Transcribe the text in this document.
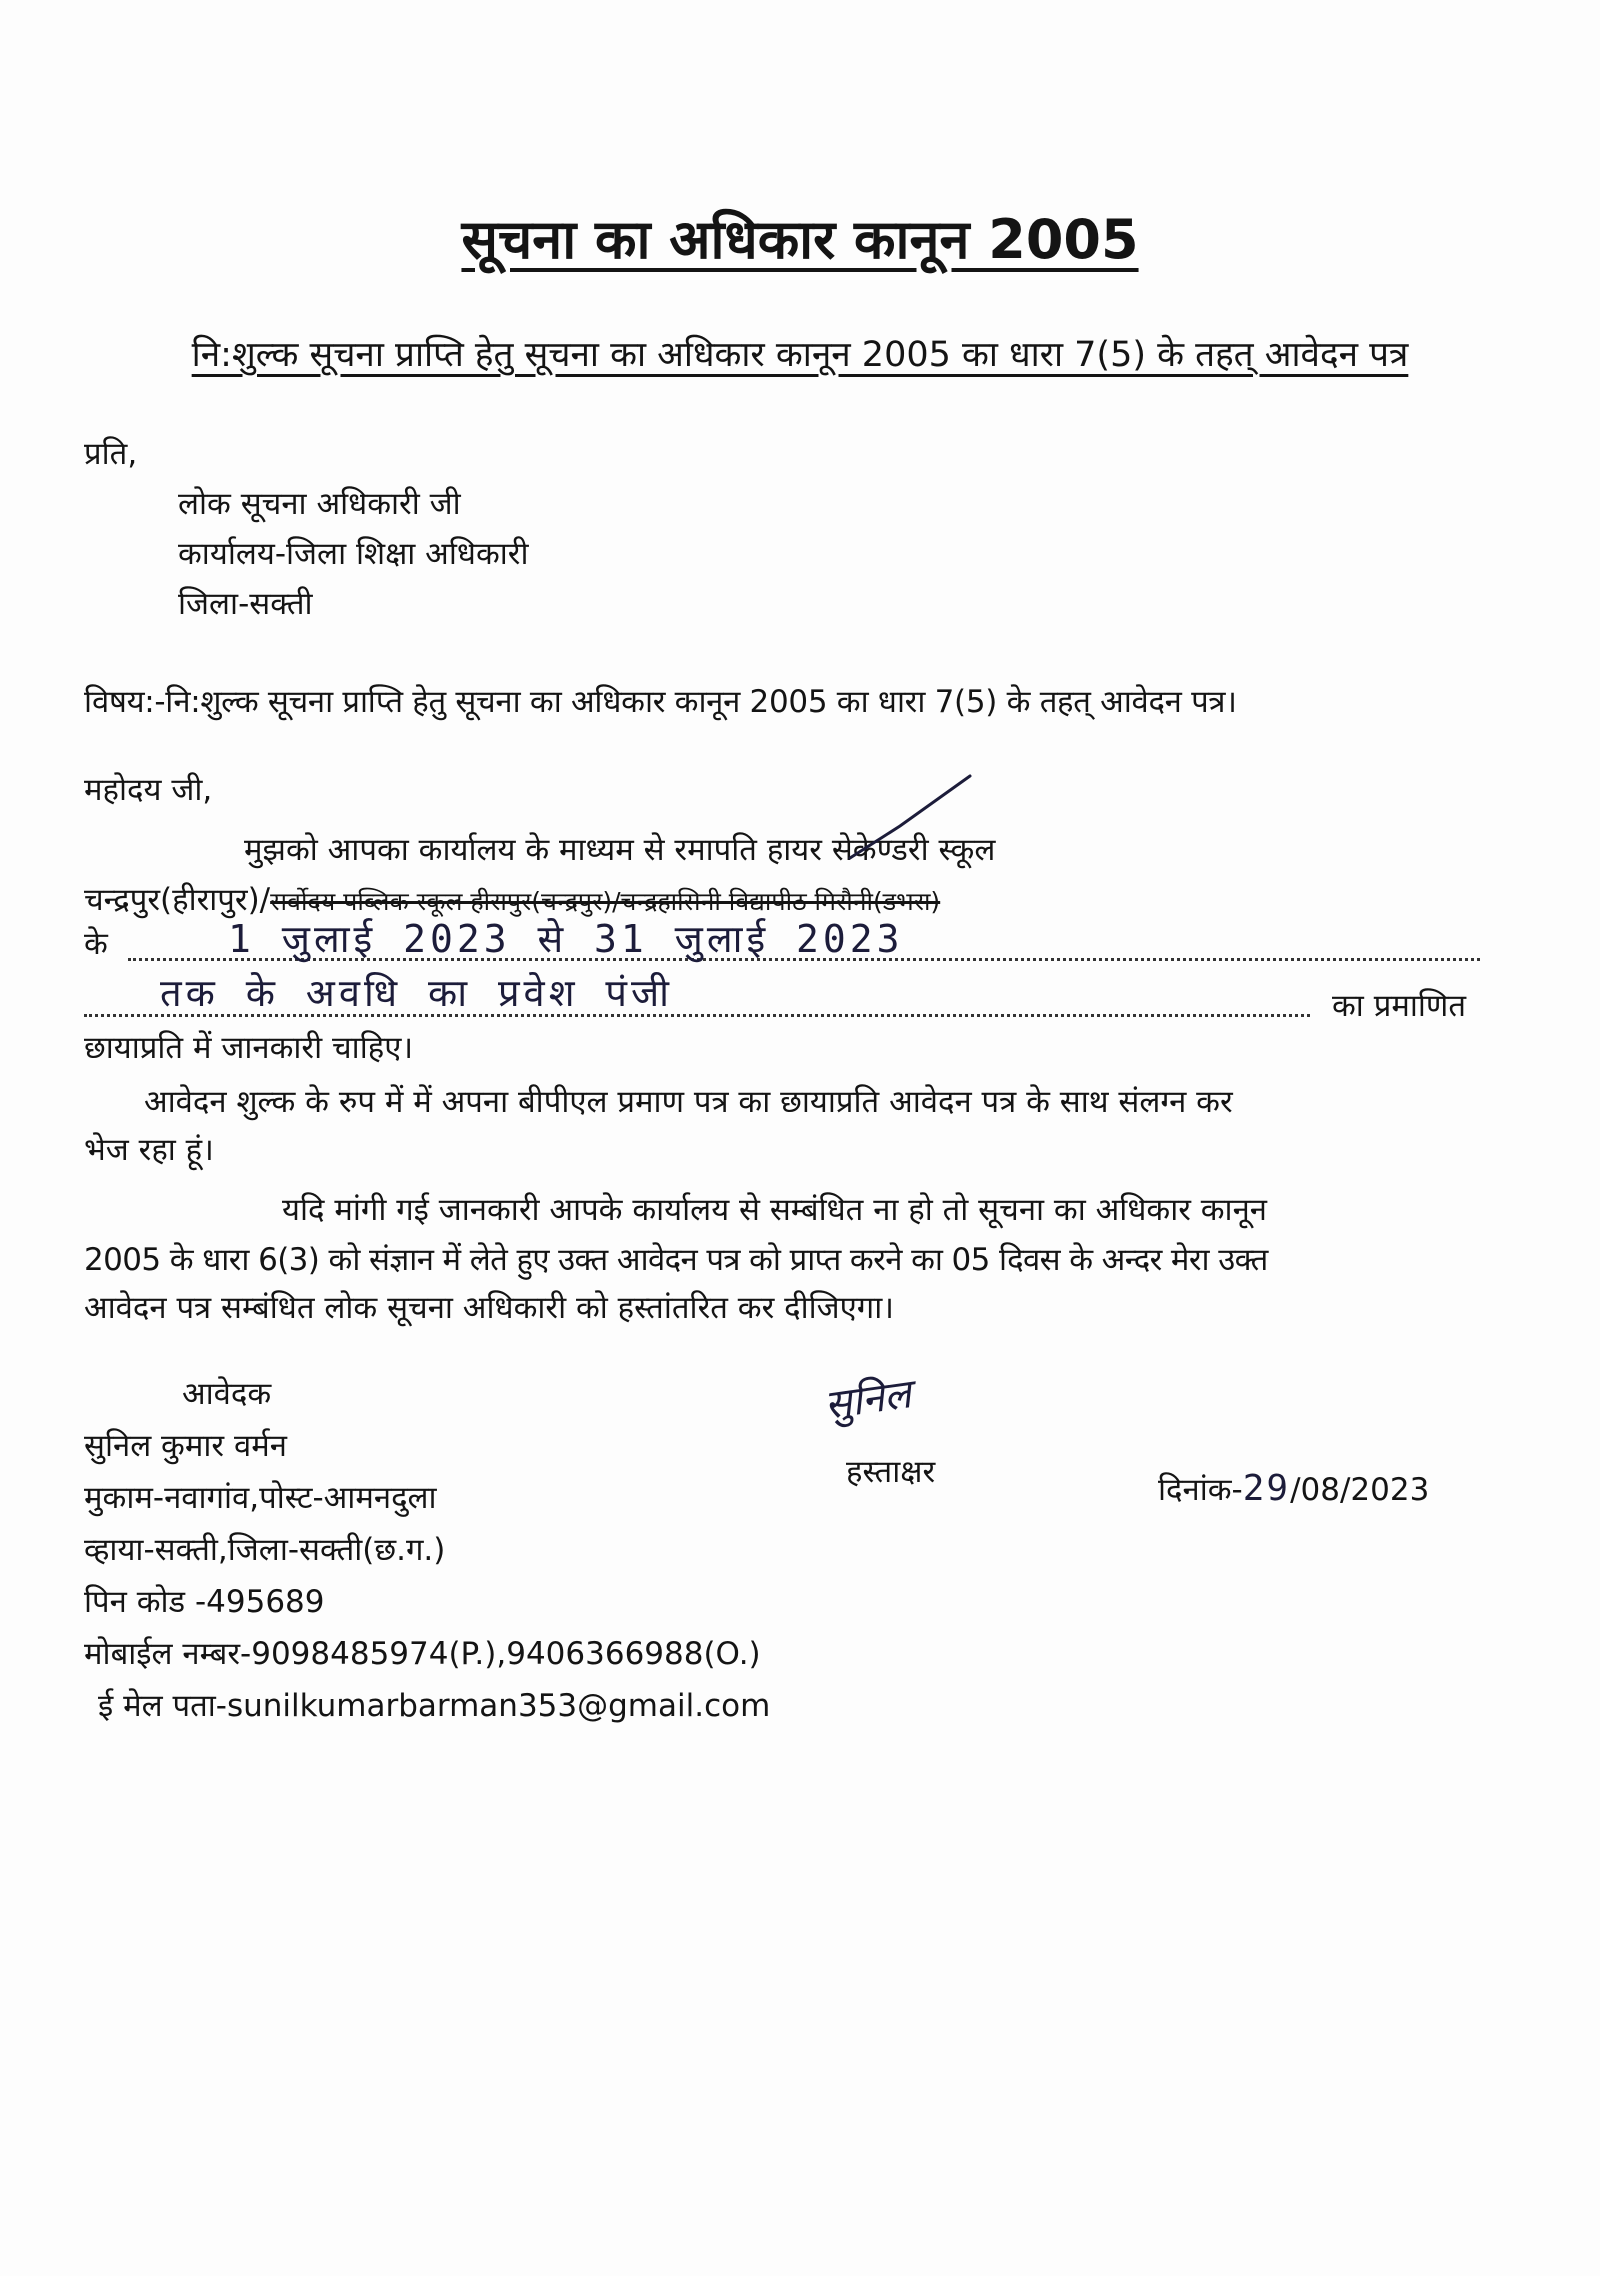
सूचना का अधिकार कानून 2005
नि:शुल्क सूचना प्राप्ति हेतु सूचना का अधिकार कानून 2005 का धारा 7(5) के तहत् आवेदन पत्र
प्रति,
लोक सूचना अधिकारी जी
कार्यालय-जिला शिक्षा अधिकारी
जिला-सक्ती
विषय:-नि:शुल्क सूचना प्राप्ति हेतु सूचना का अधिकार कानून 2005 का धारा 7(5) के तहत् आवेदन पत्र।
महोदय जी,
मुझको आपका कार्यालय के माध्यम से रमापति हायर सेकेण्डरी स्कूल
चन्द्रपुर(हीरापुर)/सर्वोदय पब्लिक स्कूल हीरापुर(चन्द्रपुर)/चन्द्रहासिनी विद्यापीठ मिरौनी(डभरा)
के	1 जुलाई 2023 से 31 जुलाई 2023
तक के अवधि का प्रवेश पंजी	का प्रमाणित
छायाप्रति में जानकारी चाहिए।
आवेदन शुल्क के रुप में में अपना बीपीएल प्रमाण पत्र का छायाप्रति आवेदन पत्र के साथ संलग्न कर
भेज रहा हूं।
यदि मांगी गई जानकारी आपके कार्यालय से सम्बंधित ना हो तो सूचना का अधिकार कानून
2005 के धारा 6(3) को संज्ञान में लेते हुए उक्त आवेदन पत्र को प्राप्त करने का 05 दिवस के अन्दर मेरा उक्त
आवेदन पत्र सम्बंधित लोक सूचना अधिकारी को हस्तांतरित कर दीजिएगा।
आवेदक
सुनिल कुमार वर्मन
मुकाम-नवागांव,पोस्ट-आमनदुला
व्हाया-सक्ती,जिला-सक्ती(छ.ग.)
पिन कोड -495689
मोबाईल नम्बर-9098485974(P.),9406366988(O.)
ई मेल पता-sunilkumarbarman353@gmail.com
सुनिल
हस्ताक्षर	दिनांक-29/08/2023
